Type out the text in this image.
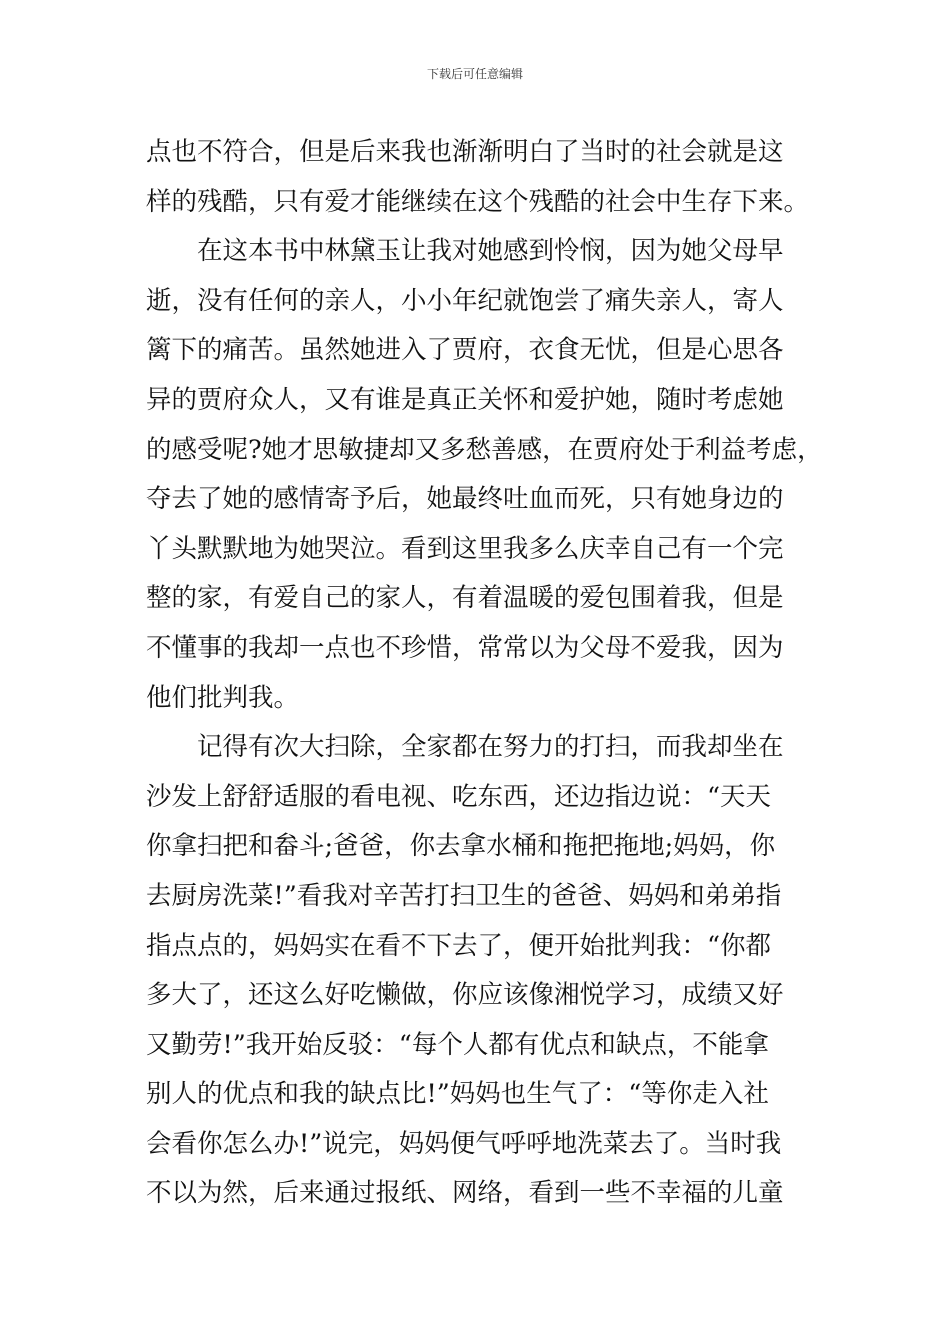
下载后可任意编辑
点也不符合，但是后来我也渐渐明白了当时的社会就是这
样的残酷，只有爱才能继续在这个残酷的社会中生存下来。
在这本书中林黛玉让我对她感到怜悯，因为她父母早
逝，没有任何的亲人，小小年纪就饱尝了痛失亲人，寄人
篱下的痛苦。虽然她进入了贾府，衣食无忧，但是心思各
异的贾府众人，又有谁是真正关怀和爱护她，随时考虑她
的感受呢?她才思敏捷却又多愁善感，在贾府处于利益考虑，
夺去了她的感情寄予后，她最终吐血而死，只有她身边的
丫头默默地为她哭泣。看到这里我多么庆幸自己有一个完
整的家，有爱自己的家人，有着温暖的爱包围着我，但是
不懂事的我却一点也不珍惜，常常以为父母不爱我，因为
他们批判我。
记得有次大扫除，全家都在努力的打扫，而我却坐在
沙发上舒舒适服的看电视、吃东西，还边指边说：“天天
你拿扫把和畚斗;爸爸，你去拿水桶和拖把拖地;妈妈，你
去厨房洗菜!”看我对辛苦打扫卫生的爸爸、妈妈和弟弟指
指点点的，妈妈实在看不下去了，便开始批判我：“你都
多大了，还这么好吃懒做，你应该像湘悦学习，成绩又好
又勤劳!”我开始反驳：“每个人都有优点和缺点，不能拿
别人的优点和我的缺点比!”妈妈也生气了：“等你走入社
会看你怎么办!”说完，妈妈便气呼呼地洗菜去了。当时我
不以为然，后来通过报纸、网络，看到一些不幸福的儿童
